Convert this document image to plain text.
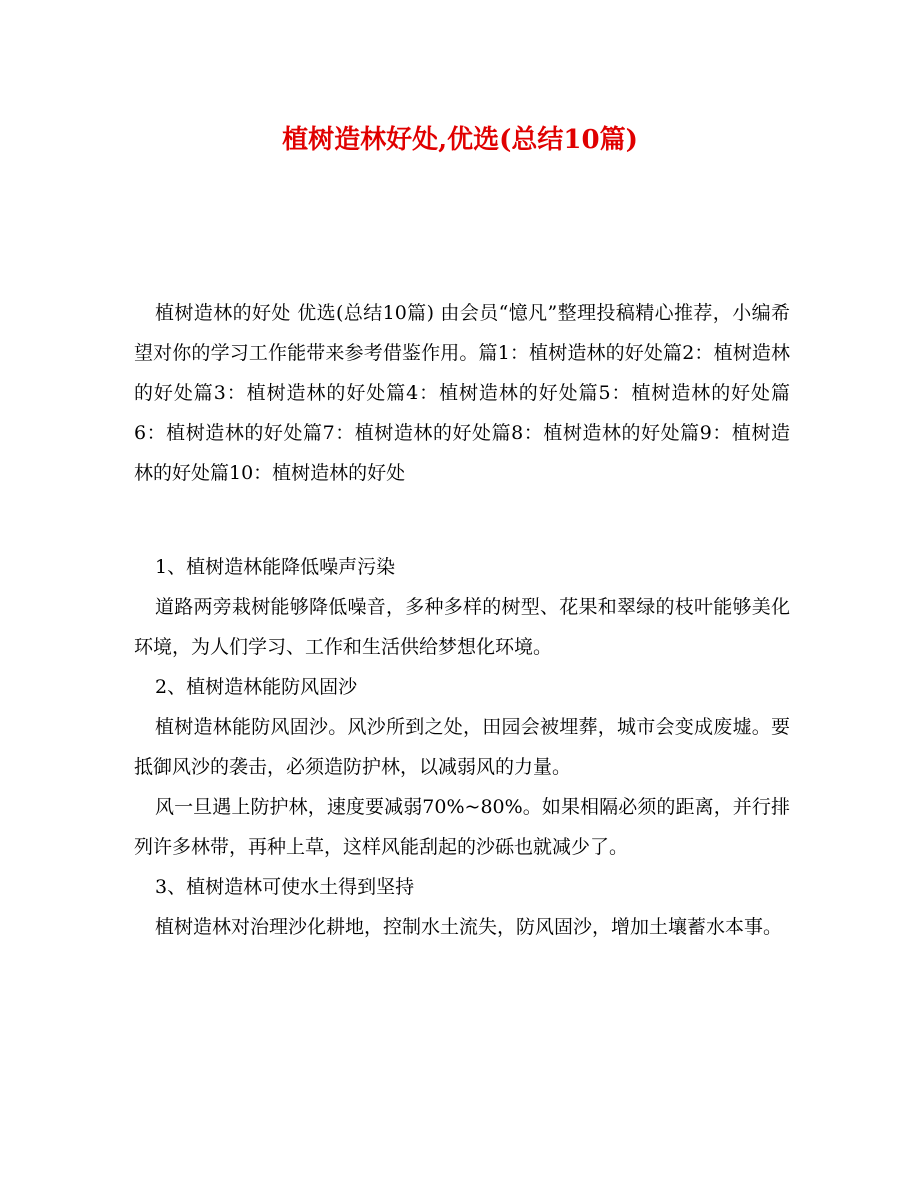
植树造林好处,优选(总结10篇)

植树造林的好处 优选(总结10篇) 由会员“憶凡”整理投稿精心推荐，小编希望对你的学习工作能带来参考借鉴作用。篇1：植树造林的好处篇2：植树造林的好处篇3：植树造林的好处篇4：植树造林的好处篇5：植树造林的好处篇6：植树造林的好处篇7：植树造林的好处篇8：植树造林的好处篇9：植树造林的好处篇10：植树造林的好处

1、植树造林能降低噪声污染

道路两旁栽树能够降低噪音，多种多样的树型、花果和翠绿的枝叶能够美化环境，为人们学习、工作和生活供给梦想化环境。

2、植树造林能防风固沙

植树造林能防风固沙。风沙所到之处，田园会被埋葬，城市会变成废墟。要抵御风沙的袭击，必须造防护林，以减弱风的力量。

风一旦遇上防护林，速度要减弱70%~80%。如果相隔必须的距离，并行排列许多林带，再种上草，这样风能刮起的沙砾也就减少了。

3、植树造林可使水土得到坚持

植树造林对治理沙化耕地，控制水土流失，防风固沙，增加土壤蓄水本事。
